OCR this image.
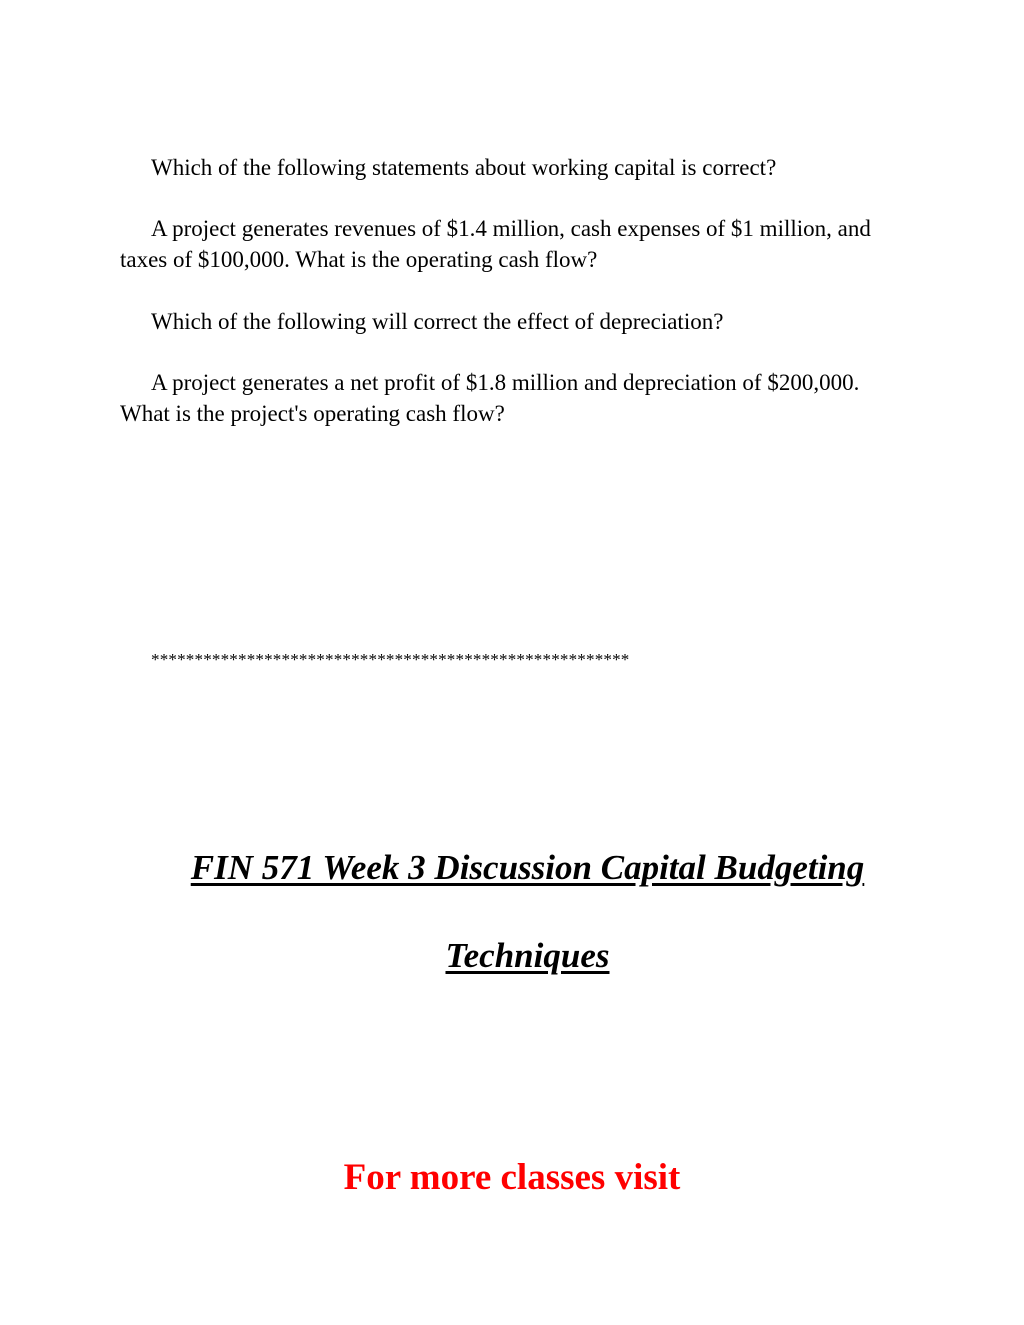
Which of the following statements about working capital is correct?

A project generates revenues of $1.4 million, cash expenses of $1 million, and taxes of $100,000. What is the operating cash flow?

Which of the following will correct the effect of depreciation?

A project generates a net profit of $1.8 million and depreciation of $200,000. What is the project's operating cash flow?

*******************************************************

FIN 571 Week 3 Discussion Capital Budgeting

Techniques

For more classes visit
